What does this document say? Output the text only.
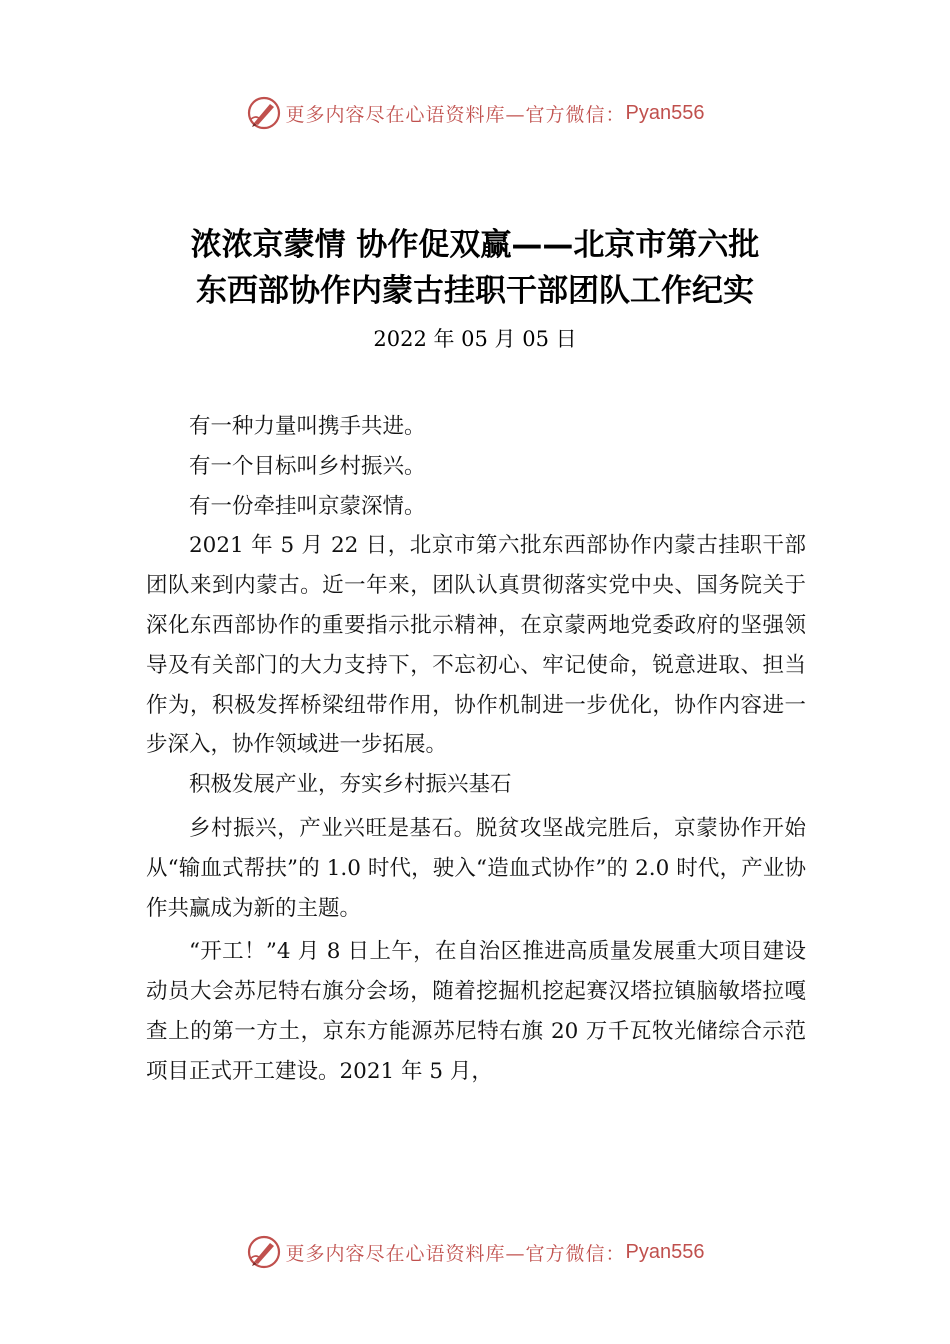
更多内容尽在心语资料库—官方微信： Pyan556
浓浓京蒙情 协作促双赢——北京市第六批
东西部协作内蒙古挂职干部团队工作纪实
2022 年 05 月 05 日

有一种力量叫携手共进。

有一个目标叫乡村振兴。

有一份牵挂叫京蒙深情。

2021 年 5 月 22 日，北京市第六批东西部协作内蒙古挂职干部团队来到内蒙古。近一年来，团队认真贯彻落实党中央、国务院关于深化东西部协作的重要指示批示精神，在京蒙两地党委政府的坚强领导及有关部门的大力支持下，不忘初心、牢记使命，锐意进取、担当作为，积极发挥桥梁纽带作用，协作机制进一步优化，协作内容进一步深入，协作领域进一步拓展。

积极发展产业，夯实乡村振兴基石

乡村振兴，产业兴旺是基石。脱贫攻坚战完胜后，京蒙协作开始从“输血式帮扶”的 1.0 时代，驶入“造血式协作”的 2.0 时代，产业协作共赢成为新的主题。

“开工！”4 月 8 日上午，在自治区推进高质量发展重大项目建设动员大会苏尼特右旗分会场，随着挖掘机挖起赛汉塔拉镇脑敏塔拉嘎查上的第一方土，京东方能源苏尼特右旗 20 万千瓦牧光储综合示范项目正式开工建设。2021 年 5 月，

更多内容尽在心语资料库—官方微信： Pyan556
